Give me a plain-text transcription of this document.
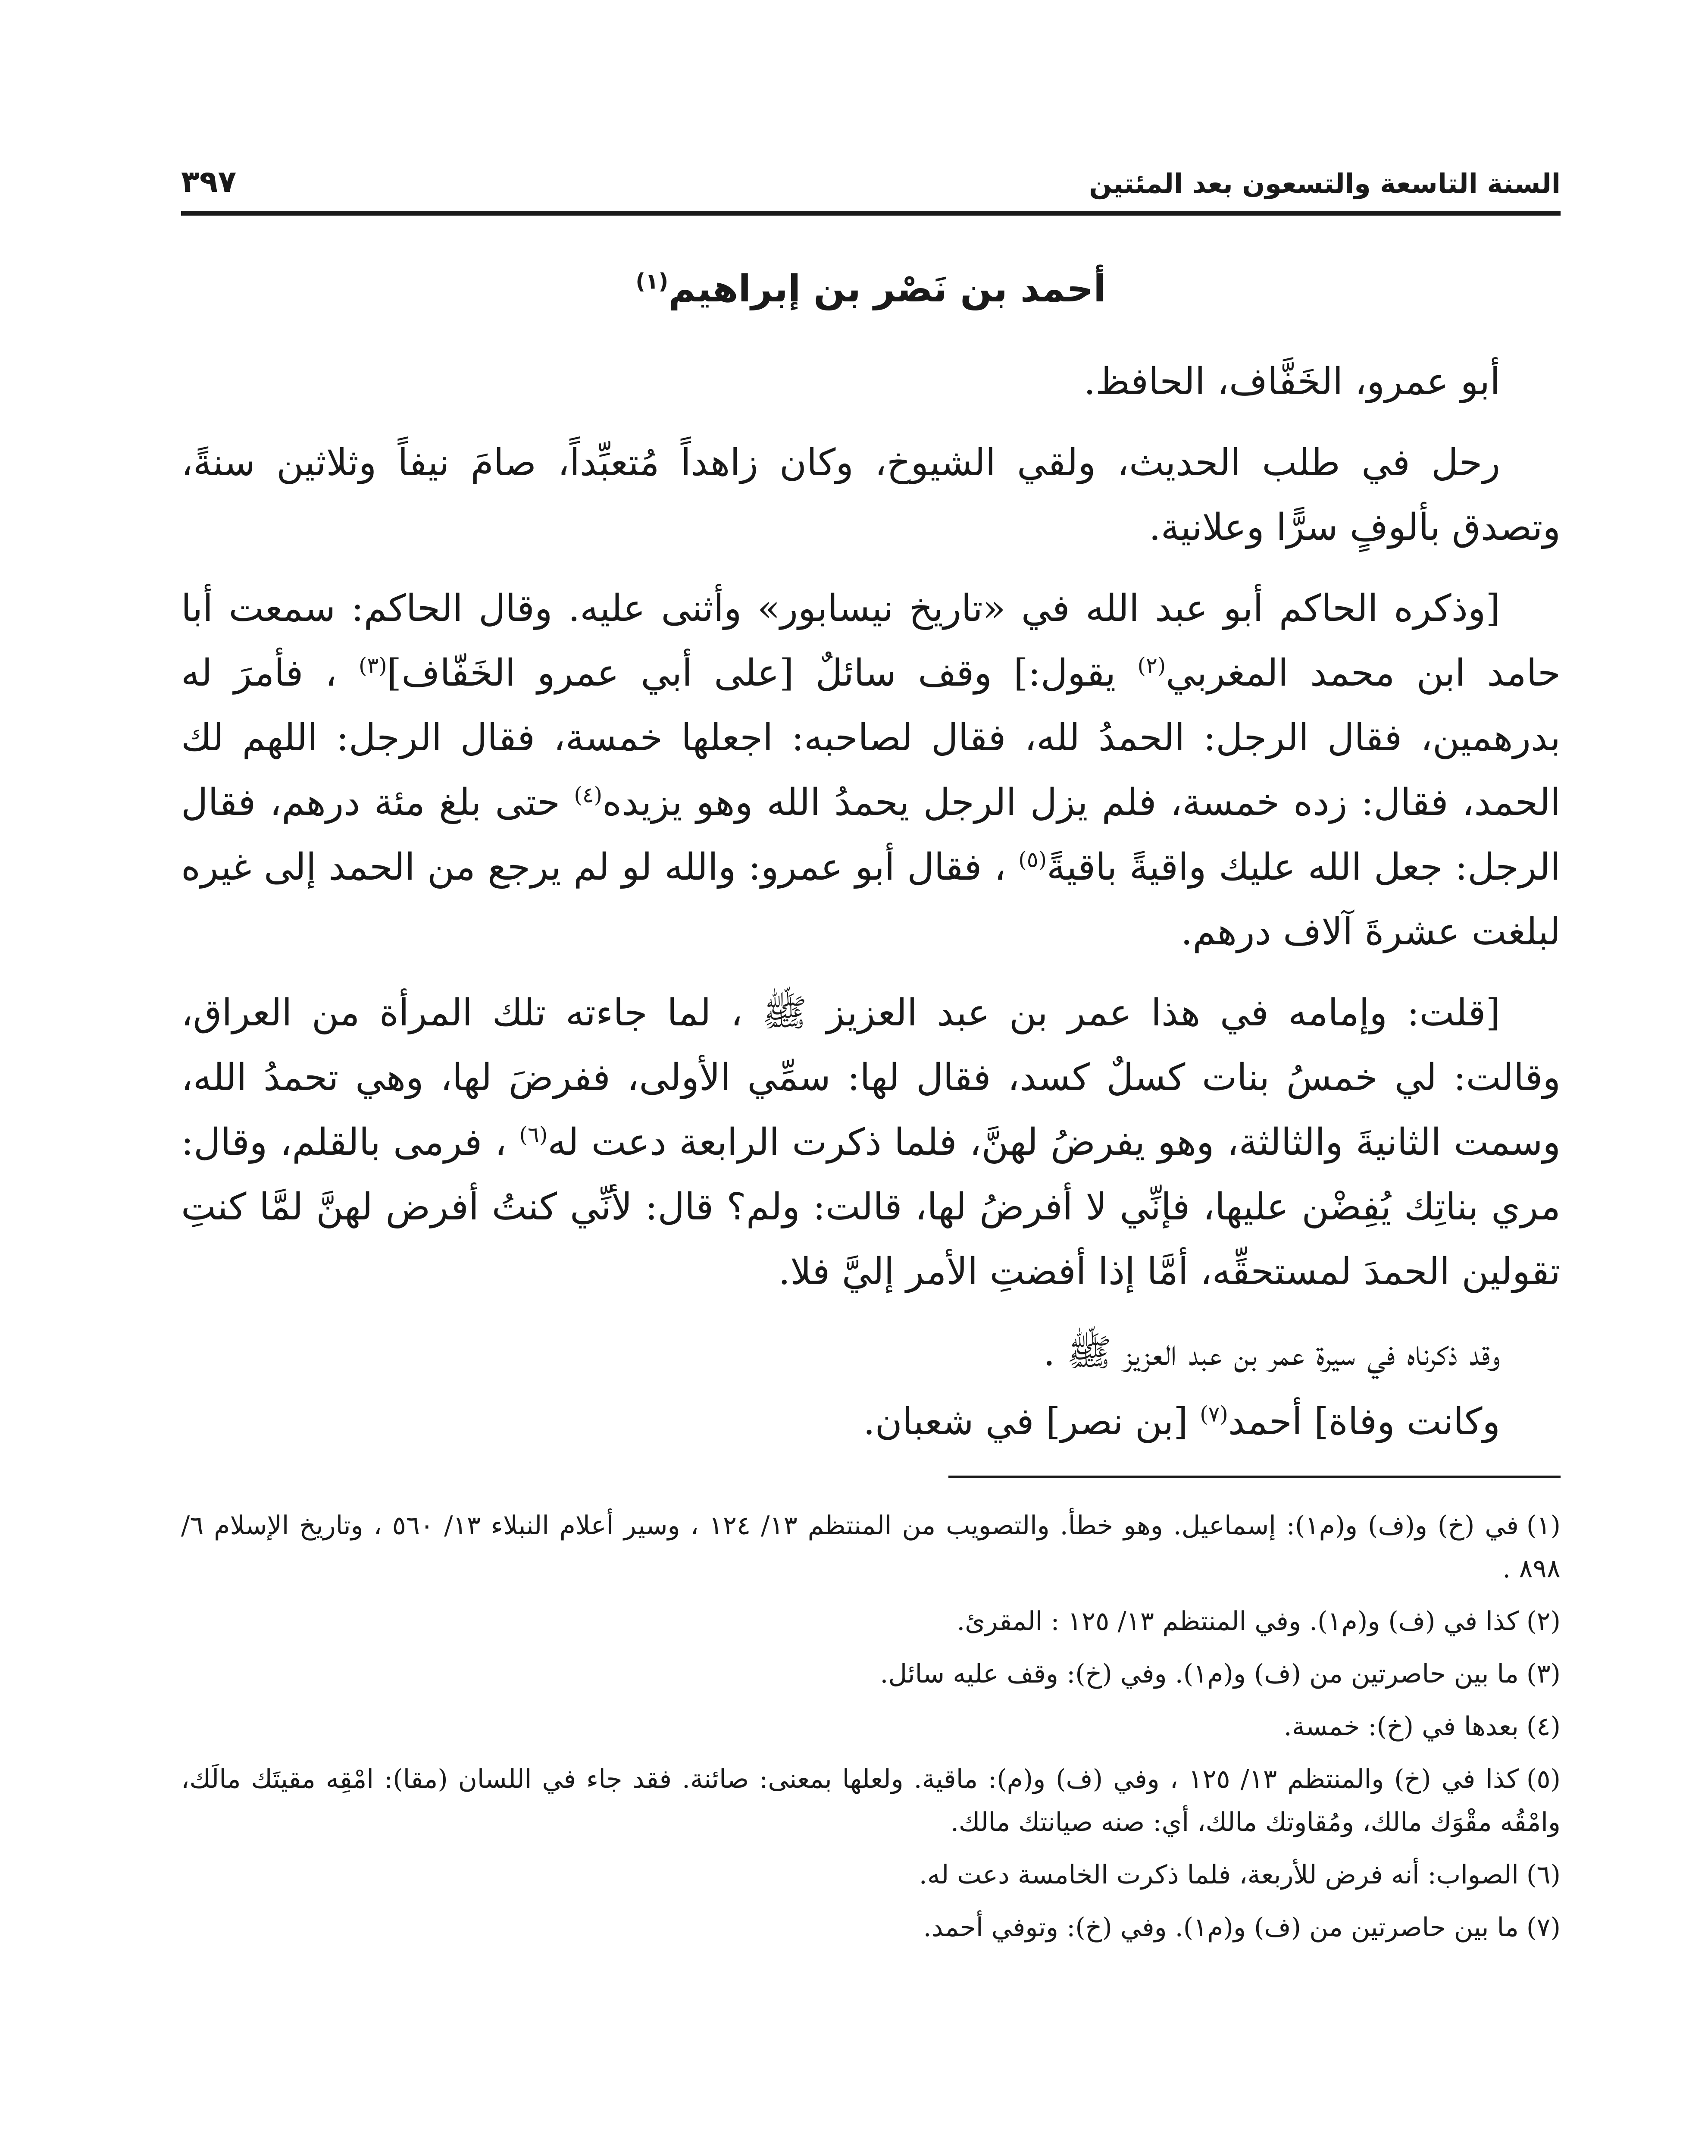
السنة التاسعة والتسعون بعد المئتين
٣٩٧
أحمد بن نَصْر بن إبراهيم$^{(١)}$

أبو عمرو، الخَفَّاف، الحافظ.

رحل في طلب الحديث، ولقي الشيوخ، وكان زاهداً مُتعبِّداً، صامَ نيفاً وثلاثين سنةً، وتصدق بألوفٍ سرًّا وعلانية.

[وذكره الحاكم أبو عبد الله في «تاريخ نيسابور» وأثنى عليه. وقال الحاكم: سمعت أبا حامد ابن محمد المغربي$^{(٢)}$ يقول:] وقف سائلٌ [على أبي عمرو الخَفّاف]$^{(٣)}$ ، فأمرَ له بدرهمين، فقال الرجل: الحمدُ لله، فقال لصاحبه: اجعلها خمسة، فقال الرجل: اللهم لك الحمد، فقال: زده خمسة، فلم يزل الرجل يحمدُ الله وهو يزيده$^{(٤)}$ حتى بلغ مئة درهم، فقال الرجل: جعل الله عليك واقيةً باقيةً$^{(٥)}$ ، فقال أبو عمرو: والله لو لم يرجع من الحمد إلى غيره لبلغت عشرةَ آلاف درهم.

[قلت: وإمامه في هذا عمر بن عبد العزيز ﷺ ، لما جاءته تلك المرأة من العراق، وقالت: لي خمسُ بنات كسلٌ كسد، فقال لها: سمِّي الأولى، ففرضَ لها، وهي تحمدُ الله، وسمت الثانيةَ والثالثة، وهو يفرضُ لهنَّ، فلما ذكرت الرابعة دعت له$^{(٦)}$ ، فرمى بالقلم، وقال: مري بناتِك يُفِضْن عليها، فإنِّي لا أفرضُ لها، قالت: ولم؟ قال: لأنِّي كنتُ أفرض لهنَّ لمَّا كنتِ تقولين الحمدَ لمستحقِّه، أمَّا إذا أفضتِ الأمر إليَّ فلا.

وقد ذكرناه في سيرة عمر بن عبد العزيز ﷺ .

وكانت وفاة] أحمد$^{(٧)}$ [بن نصر] في شعبان.

(١)في (خ) و(ف) و(م١): إسماعيل. وهو خطأ. والتصويب من المنتظم ١٣/ ١٢٤ ، وسير أعلام النبلاء ١٣/ ٥٦٠ ، وتاريخ الإسلام ٦/ ٨٩٨ .

(٢)كذا في (ف) و(م١). وفي المنتظم ١٣/ ١٢٥ : المقرئ.

(٣)ما بين حاصرتين من (ف) و(م١). وفي (خ): وقف عليه سائل.

(٤)بعدها في (خ): خمسة.

(٥)كذا في (خ) والمنتظم ١٣/ ١٢٥ ، وفي (ف) و(م): ماقية. ولعلها بمعنى: صائنة. فقد جاء في اللسان (مقا): امْقِه مقيتَك مالَك، وامْقُه مقْوَك مالك، ومُقاوتك مالك، أي: صنه صيانتك مالك.

(٦)الصواب: أنه فرض للأربعة، فلما ذكرت الخامسة دعت له.

(٧)ما بين حاصرتين من (ف) و(م١). وفي (خ): وتوفي أحمد.
